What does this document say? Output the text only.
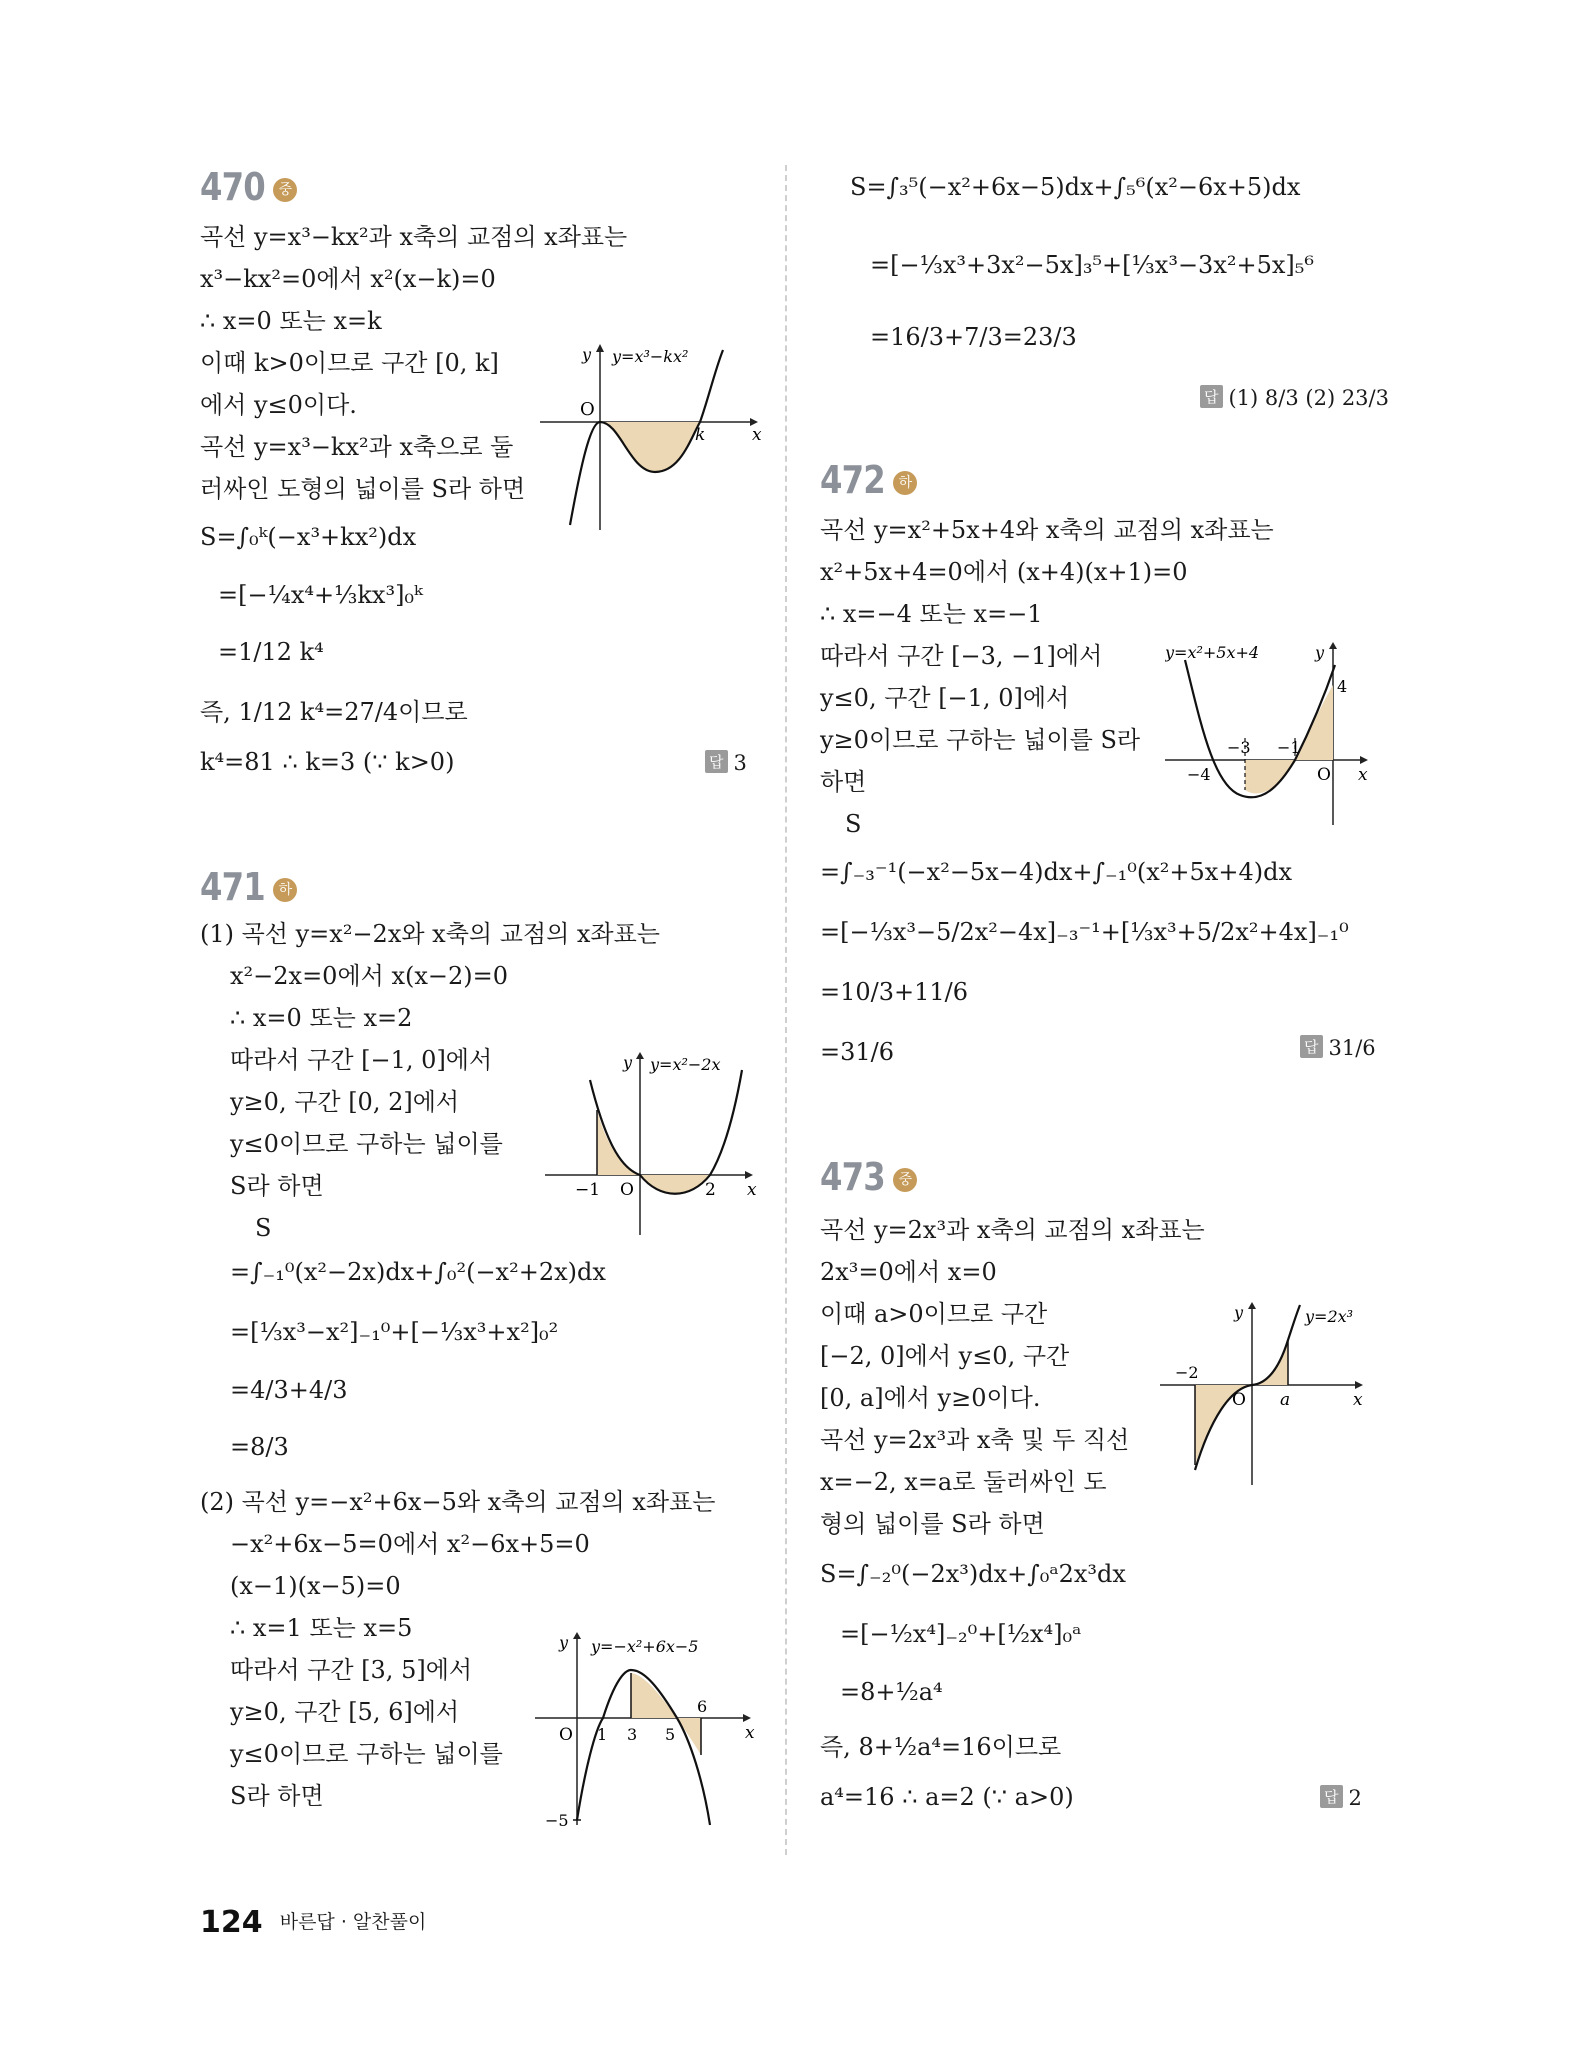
470 중
곡선 y=x³−kx²과 x축의 교점의 x좌표는
x³−kx²=0에서 x²(x−k)=0
∴ x=0 또는 x=k
이때 k>0이므로 구간 [0, k]
에서 y≤0이다.
곡선 y=x³−kx²과 x축으로 둘
러싸인 도형의 넓이를 S라 하면
O
k	x
y y=x³−kx²
S=∫₀ᵏ(−x³+kx²)dx
=[−¼x⁴+⅓kx³]₀ᵏ
=1/12 k⁴
즉, 1/12 k⁴=27/4이므로
k⁴=81 ∴ k=3 (∵ k>0)	답 3
471 하
(1) 곡선 y=x²−2x와 x축의 교점의 x좌표는
x²−2x=0에서 x(x−2)=0
∴ x=0 또는 x=2
따라서 구간 [−1, 0]에서
y≥0, 구간 [0, 2]에서
y≤0이므로 구하는 넓이를
S라 하면
S
−1 O	2 x
y y=x²−2x
=∫₋₁⁰(x²−2x)dx+∫₀²(−x²+2x)dx
=[⅓x³−x²]₋₁⁰+[−⅓x³+x²]₀²
=4/3+4/3
=8/3
(2) 곡선 y=−x²+6x−5와 x축의 교점의 x좌표는
−x²+6x−5=0에서 x²−6x+5=0
(x−1)(x−5)=0
∴ x=1 또는 x=5
따라서 구간 [3, 5]에서
y≥0, 구간 [5, 6]에서
y≤0이므로 구하는 넓이를
S라 하면
O 1 3 5
6
−5
x
y y=−x²+6x−5
S=∫₃⁵(−x²+6x−5)dx+∫₅⁶(x²−6x+5)dx
=[−⅓x³+3x²−5x]₃⁵+[⅓x³−3x²+5x]₅⁶
=16/3+7/3=23/3
답 (1) 8/3 (2) 23/3
472 하
곡선 y=x²+5x+4와 x축의 교점의 x좌표는
x²+5x+4=0에서 (x+4)(x+1)=0
∴ x=−4 또는 x=−1
따라서 구간 [−3, −1]에서
y≤0, 구간 [−1, 0]에서
y≥0이므로 구하는 넓이를 S라
하면
S
−4
−3 −1
O
4
x
y
y=x²+5x+4
=∫₋₃⁻¹(−x²−5x−4)dx+∫₋₁⁰(x²+5x+4)dx
=[−⅓x³−5/2x²−4x]₋₃⁻¹+[⅓x³+5/2x²+4x]₋₁⁰
=10/3+11/6
=31/6	답 31/6
473 중
곡선 y=2x³과 x축의 교점의 x좌표는
2x³=0에서 x=0
이때 a>0이므로 구간
[−2, 0]에서 y≤0, 구간
[0, a]에서 y≥0이다.
곡선 y=2x³과 x축 및 두 직선
x=−2, x=a로 둘러싸인 도
형의 넓이를 S라 하면
−2
O a	x
y	y=2x³
S=∫₋₂⁰(−2x³)dx+∫₀ᵃ2x³dx
=[−½x⁴]₋₂⁰+[½x⁴]₀ᵃ
=8+½a⁴
즉, 8+½a⁴=16이므로
a⁴=16 ∴ a=2 (∵ a>0)	답 2
124 바른답 · 알찬풀이
